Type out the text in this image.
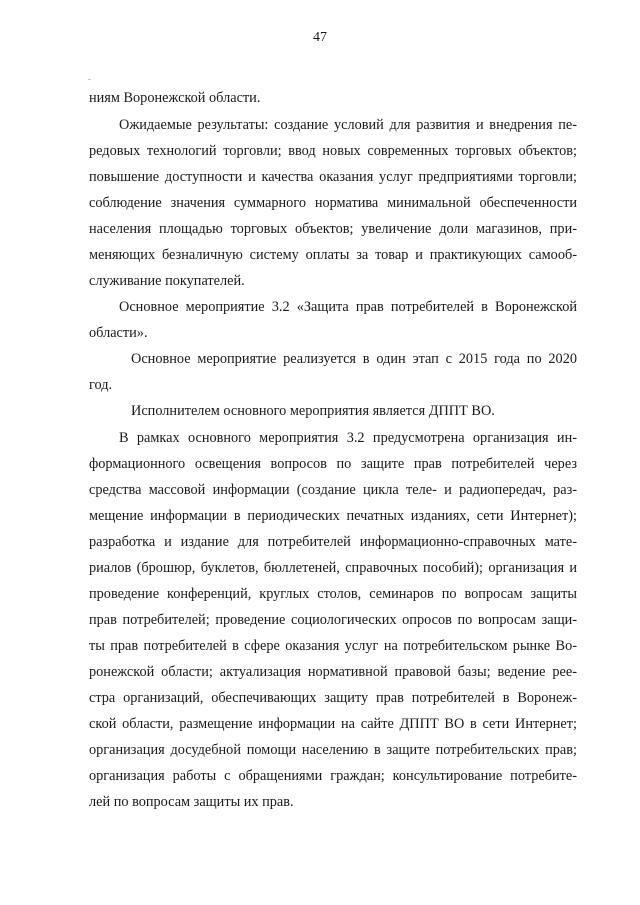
47
ниям Воронежской области.
Ожидаемые результаты: создание условий для развития и внедрения пе-
редовых технологий торговли; ввод новых современных торговых объектов;
повышение доступности и качества оказания услуг предприятиями торговли;
соблюдение значения суммарного норматива минимальной обеспеченности
населения площадью торговых объектов; увеличение доли магазинов, при-
меняющих безналичную систему оплаты за товар и практикующих самооб-
служивание покупателей.
Основное мероприятие 3.2 «Защита прав потребителей в Воронежской
области».
Основное мероприятие реализуется в один этап с 2015 года по 2020
год.
Исполнителем основного мероприятия является ДППТ ВО.
В рамках основного мероприятия 3.2 предусмотрена организация ин-
формационного освещения вопросов по защите прав потребителей через
средства массовой информации (создание цикла теле- и радиопередач, раз-
мещение информации в периодических печатных изданиях, сети Интернет);
разработка и издание для потребителей информационно-справочных мате-
риалов (брошюр, буклетов, бюллетеней, справочных пособий); организация и
проведение конференций, круглых столов, семинаров по вопросам защиты
прав потребителей; проведение социологических опросов по вопросам защи-
ты прав потребителей в сфере оказания услуг на потребительском рынке Во-
ронежской области; актуализация нормативной правовой базы; ведение рее-
стра организаций, обеспечивающих защиту прав потребителей в Воронеж-
ской области, размещение информации на сайте ДППТ ВО в сети Интернет;
организация досудебной помощи населению в защите потребительских прав;
организация работы с обращениями граждан; консультирование потребите-
лей по вопросам защиты их прав.
